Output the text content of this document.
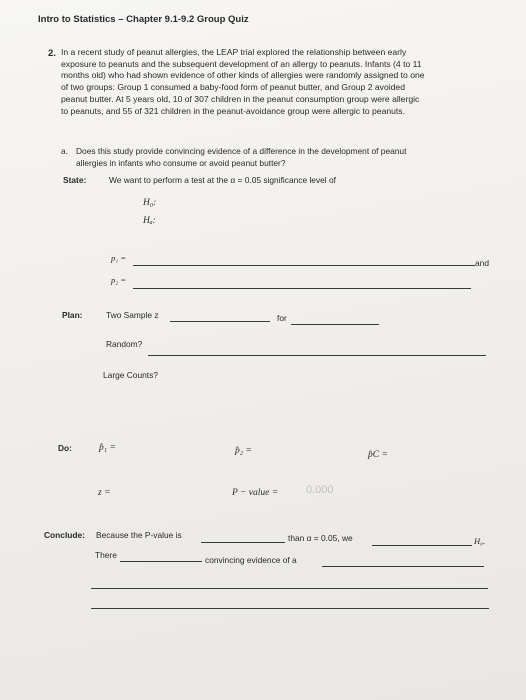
Intro to Statistics – Chapter 9.1-9.2 Group Quiz
2. In a recent study of peanut allergies, the LEAP trial explored the relationship between early
exposure to peanuts and the subsequent development of an allergy to peanuts. Infants (4 to 11
months old) who had shown evidence of other kinds of allergies were randomly assigned to one
of two groups: Group 1 consumed a baby-food form of peanut butter, and Group 2 avoided
peanut butter. At 5 years old, 10 of 307 children in the peanut consumption group were allergic
to peanuts, and 55 of 321 children in the peanut-avoidance group were allergic to peanuts.
a. Does this study provide convincing evidence of a difference in the development of peanut
allergies in infants who consume or avoid peanut butter?
State:	We want to perform a test at the α = 0.05 significance level of
H₀:
Hₐ:
p₁ =	and
p₂ =
Plan:	Two Sample z	for
Random?
Large Counts?
Do:	p̂₁ =	p̂₂ =	p̂C =
z =	P − value =	0.000
Conclude: Because the P-value is	than α = 0.05, we	H₀.
There	convincing evidence of a
